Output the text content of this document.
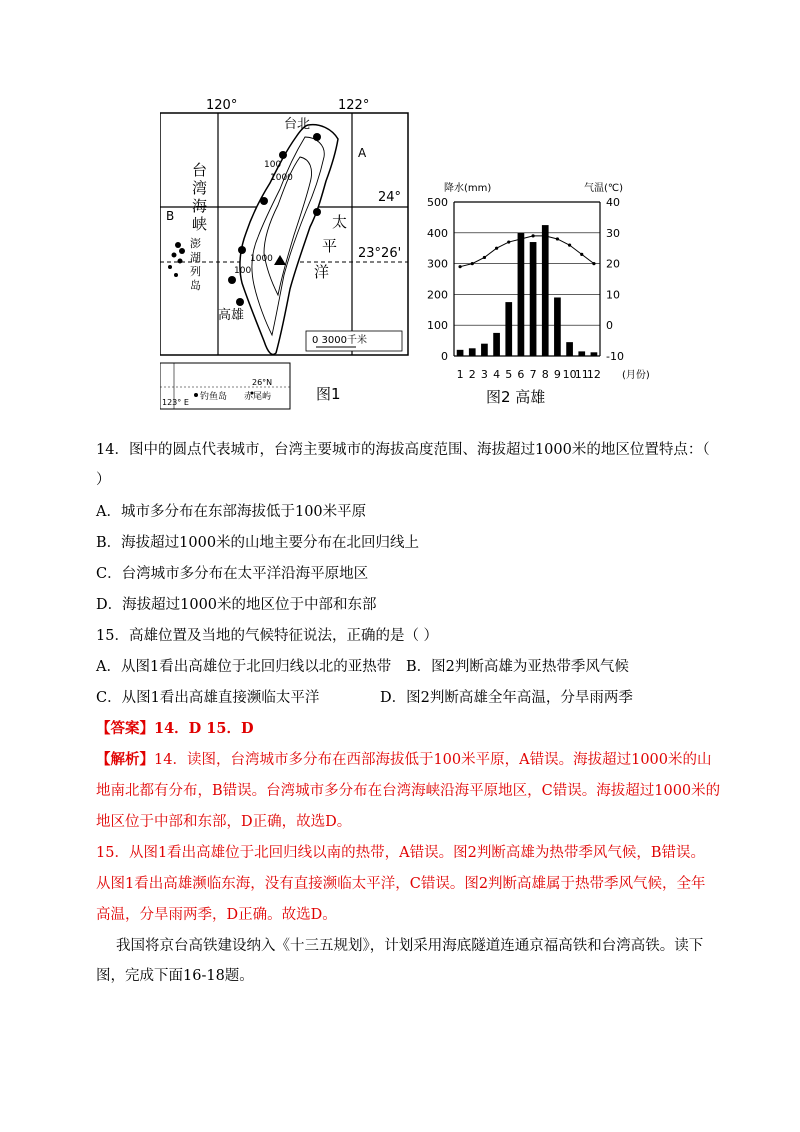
120°	122°
24°
23°26'
台北
高雄
A
B
台
湾
海
峡	太
平
洋
澎
湖
列
岛
100
1000
1000
100
0 3000千米
26°N
123° E
钓鱼岛 赤尾屿	图1
降水(mm)	气温(℃)
0
100
200
300
400
500
-10
0
10
20
30
40
1 2 3 4 5 6 7 8 9 10
11
12 (月份)
图2 高雄
14．图中的圆点代表城市，台湾主要城市的海拔高度范围、海拔超过1000米的地区位置特点：（
）
A．城市多分布在东部海拔低于100米平原
B．海拔超过1000米的山地主要分布在北回归线上
C．台湾城市多分布在太平洋沿海平原地区
D．海拔超过1000米的地区位于中部和东部
15．高雄位置及当地的气候特征说法，正确的是（ ）
A．从图1看出高雄位于北回归线以北的亚热带 B．图2判断高雄为亚热带季风气候
C．从图1看出高雄直接濒临太平洋	D．图2判断高雄全年高温，分旱雨两季
【答案】14．D 15．D
【解析】14．读图，台湾城市多分布在西部海拔低于100米平原，A错误。海拔超过1000米的山
地南北都有分布，B错误。台湾城市多分布在台湾海峡沿海平原地区，C错误。海拔超过1000米的
地区位于中部和东部，D正确，故选D。
15．从图1看出高雄位于北回归线以南的热带，A错误。图2判断高雄为热带季风气候，B错误。
从图1看出高雄濒临东海，没有直接濒临太平洋，C错误。图2判断高雄属于热带季风气候，全年
高温，分旱雨两季，D正确。故选D。
我国将京台高铁建设纳入《十三五规划》，计划采用海底隧道连通京福高铁和台湾高铁。读下
图，完成下面16-18题。
